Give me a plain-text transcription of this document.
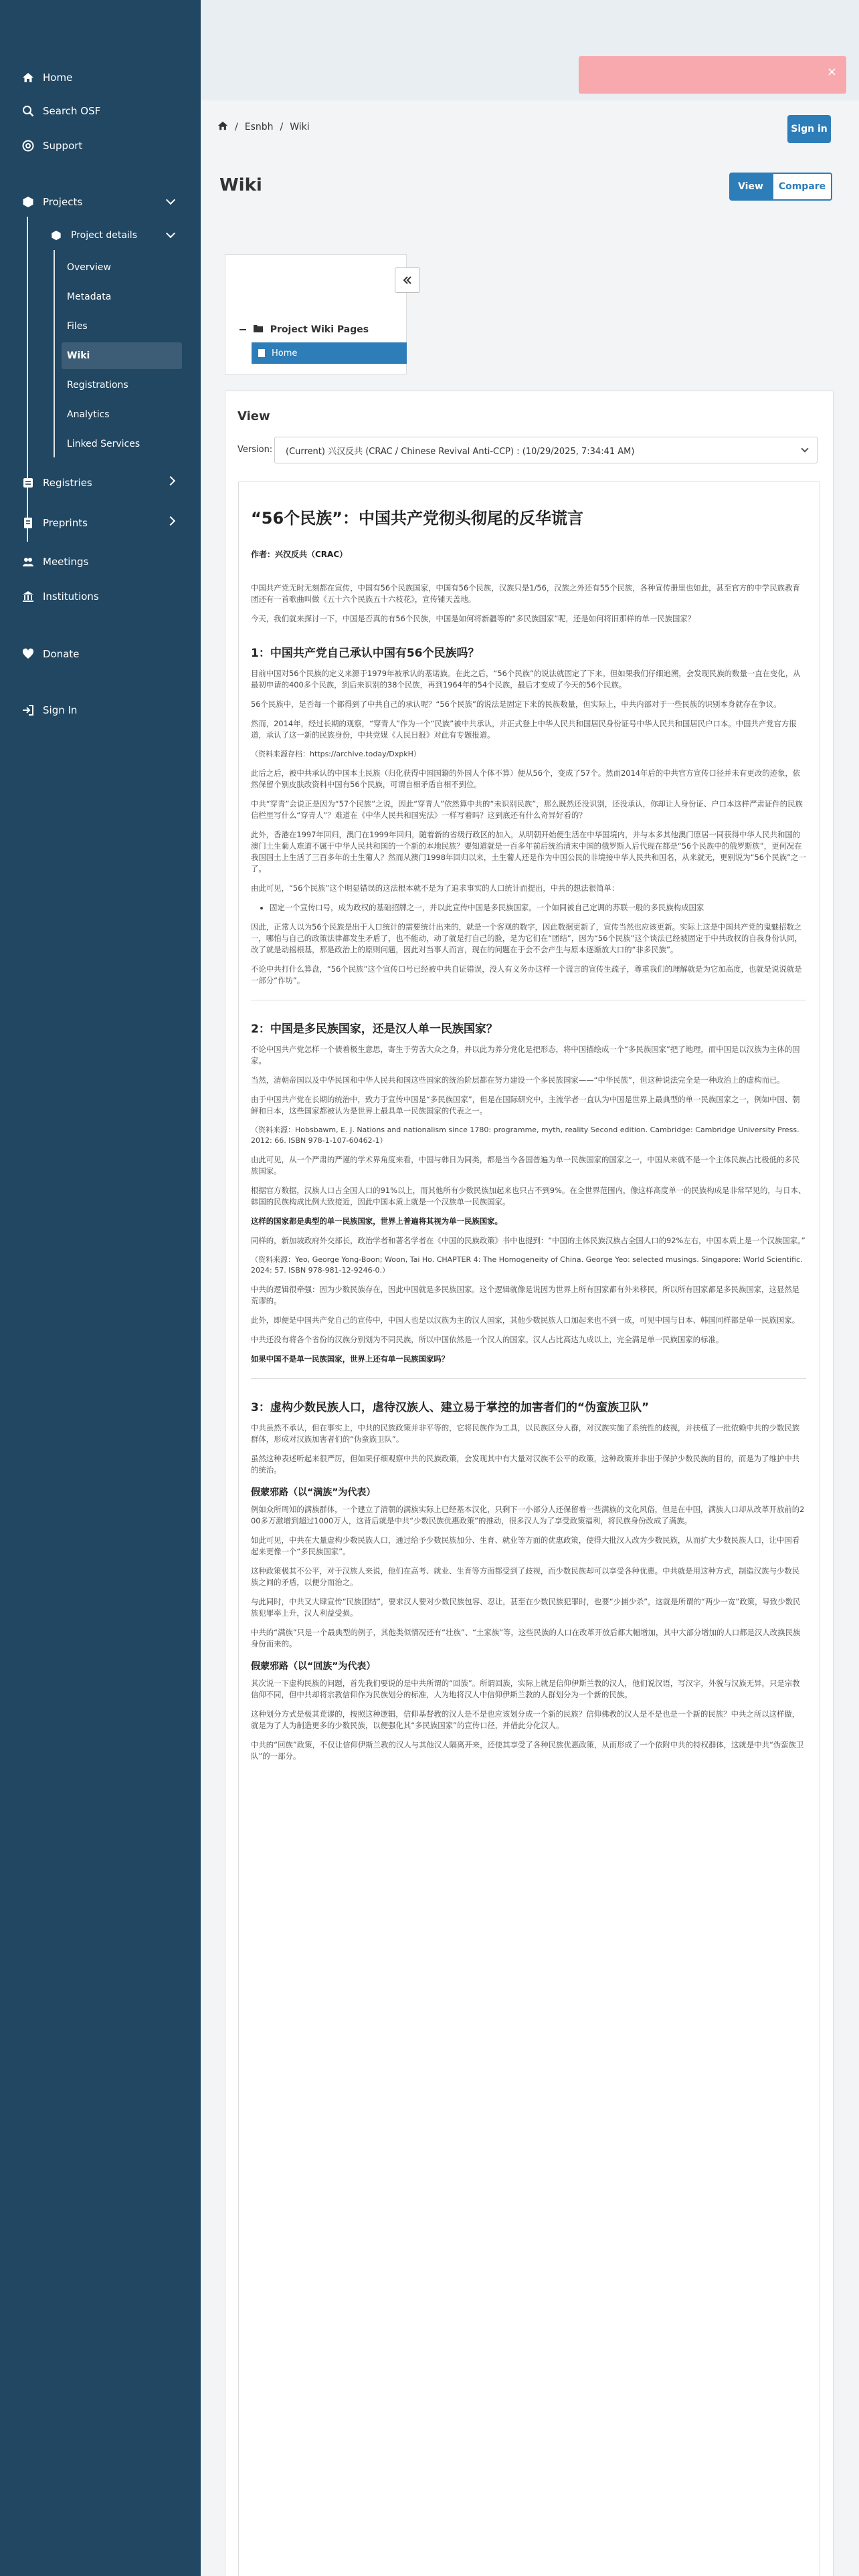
Home
Search OSF
Support
Projects
Project details
Overview
Metadata
Files
Wiki
Registrations
Analytics
Linked Services
Registries
Preprints
Meetings
Institutions
Donate
Sign In
×
/ Esnbh / Wiki	Sign in
Wiki	View	Compare
Project Wiki Pages
Home
View
Version: (Current) 兴汉反共 (CRAC / Chinese Revival Anti-CCP) : (10/29/2025, 7:34:41 AM)
“56个民族”：中国共产党彻头彻尾的反华谎言
作者：兴汉反共（CRAC）

中国共产党无时无刻都在宣传，中国有56个民族国家，中国有56个民族，汉族只是1/56，汉族之外还有55个民族，各种宣传册里也如此，甚至官方的中学民族教育团还有一首歌曲叫做《五十六个民族五十六枝花》，宣传铺天盖地。

今天，我们就来探讨一下，中国是否真的有56个民族，中国是如何将新疆等的“多民族国家”呢，还是如何将旧那样的单一民族国家？

1：中国共产党自己承认中国有56个民族吗？

目前中国对56个民族的定义来源于1979年被承认的基诺族。在此之后，“56个民族”的说法就固定了下来。但如果我们仔细追溯，会发现民族的数量一直在变化，从最初申请的400多个民族，到后来识别的38个民族，再到1964年的54个民族，最后才变成了今天的56个民族。

56个民族中，是否每一个都得到了中共自己的承认呢？“56个民族”的说法是固定下来的民族数量，但实际上，中共内部对于一些民族的识别本身就存在争议。

然而，2014年，经过长期的观察，“穿青人”作为一个“民族”被中共承认，并正式登上中华人民共和国居民身份证号中华人民共和国居民户口本。中国共产党官方报道，承认了这一新的民族身份，中共党媒《人民日报》对此有专题报道。

（资料来源存档：https://archive.today/DxpkH）

此后之后，被中共承认的中国本土民族（归化获得中国国籍的外国人个体不算）便从56个，变成了57个。然而2014年后的中共官方宣传口径并未有更改的迹象，依然保留个别皮肤改资料中国有56个民族，可谓自相矛盾自相不到位。

中共“穿青”会说正是因为“57个民族”之说，因此“穿青人”依然算中共的“未识别民族”，那么既然还没识别，还没承认，你却让人身份证、户口本这样严肃证件的民族信栏里写什么“穿青人”？难道在《中华人民共和国宪法》一样写着吗？这到底还有什么奇异好看的？

此外，香港在1997年回归，澳门在1999年回归，随着新的省级行政区的加入，从明朝开始便生活在中华国境内，并与本多其他澳门原居一同获得中华人民共和国的澳门土生葡人难道不属于中华人民共和国的一个新的本地民族？要知道就是一百多年前后统治清末中国的俄罗斯人后代现在都是“56个民族中的俄罗斯族”，更何况在我国国土上生活了三百多年的土生葡人？然而从澳门1998年回归以来，土生葡人还是作为中国公民的非境接中华人民共和国名，从来就无，更别说为“56个民族”之一了。

由此可见，“56个民族”这个明显错误的这法根本就不是为了追求事实的人口统计而提出，中共的想法很简单：

• 固定一个宣传口号，成为政权的基础招牌之一，并以此宣传中国是多民族国家，一个如同被自己定调的苏联一般的多民族构成国家

因此，正常人以为56个民族是出于人口统计的需要统计出来的，就是一个客观的数字，因此数据更新了，宣传当然也应该更新。实际上这是中国共产党的鬼魅招数之一，哪怕与自己的政策法律都发生矛盾了，也不能动，动了就是打自己的脸，是为它们在“团结”，因为“56个民族”这个谈法已经被固定于中共政权的自我身份认同，改了就是动摇根基，那是政治上的原则问题，因此对当事人而言，现在的问题在于会不会产生与原本逐渐放大口的“非多民族”。

不论中共打什么算盘，“56个民族”这个宣传口号已经被中共自证错误，没人有义务办这样一个谎言的宣传生疏子，尊重我们的理解就是为它加高度，也就是说说就是一部分“作坊”。

2：中国是多民族国家，还是汉人单一民族国家？

不论中国共产党怎样一个债着极生意思，寄生于劳苦大众之身，并以此为养分党化是把形态，将中国描绘成一个“多民族国家”把了地理，而中国是以汉族为主体的国家。

当然，清朝帝国以及中华民国和中华人民共和国这些国家的统治阶层都在努力建设一个多民族国家——“中华民族”，但这种说法完全是一种政治上的虚构而已。

由于中国共产党在长期的统治中，致力于宣传中国是“多民族国家”，但是在国际研究中，主流学者一直认为中国是世界上最典型的单一民族国家之一，例如中国、朝鲜和日本，这些国家都被认为是世界上最具单一民族国家的代表之一。

（资料来源：Hobsbawm, E. J. Nations and nationalism since 1780: programme, myth, reality Second edition. Cambridge: Cambridge University Press. 2012: 66. ISBN 978-1-107-60462-1）

由此可见，从一个严肃的严谨的学术界角度来看，中国与韩日为同类，都是当今各国普遍为单一民族国家的国家之一，中国从来就不是一个主体民族占比极低的多民族国家。

根据官方数据，汉族人口占全国人口的91%以上，而其他所有少数民族加起来也只占不到9%。在全世界范围内，像这样高度单一的民族构成是非常罕见的，与日本、韩国的民族构成比例大致接近，因此中国本质上就是一个汉族单一民族国家。

这样的国家都是典型的单一民族国家，世界上普遍将其视为单一民族国家。

同样的，新加坡政府外交部长，政治学者和著名学者在《中国的民族政策》书中也提到：“中国的主体民族汉族占全国人口的92%左右，中国本质上是一个汉族国家。”

（资料来源：Yeo, George Yong-Boon; Woon, Tai Ho. CHAPTER 4: The Homogeneity of China. George Yeo: selected musings. Singapore: World Scientific. 2024: 57. ISBN 978-981-12-9246-0.）

中共的逻辑很牵强：因为少数民族存在，因此中国就是多民族国家。这个逻辑就像是说因为世界上所有国家都有外来移民，所以所有国家都是多民族国家，这显然是荒谬的。

此外，即便是中国共产党自己的宣传中，中国人也是以汉族为主的汉人国家，其他少数民族人口加起来也不到一成，可见中国与日本、韩国同样都是单一民族国家。

中共还没有将各个省份的汉族分别划为不同民族，所以中国依然是一个汉人的国家。汉人占比高达九成以上，完全满足单一民族国家的标准。

如果中国不是单一民族国家，世界上还有单一民族国家吗？

3：虚构少数民族人口，虐待汉族人、建立易于掌控的加害者们的“伪蛮族卫队”

中共虽然不承认，但在事实上，中共的民族政策并非平等的，它将民族作为工具，以民族区分人群，对汉族实施了系统性的歧视，并扶植了一批依赖中共的少数民族群体，形成对汉族加害者们的“伪蛮族卫队”。

虽然这种表述听起来很严厉，但如果仔细观察中共的民族政策，会发现其中有大量对汉族不公平的政策，这种政策并非出于保护少数民族的目的，而是为了维护中共的统治。

假蒙邪路（以“满族”为代表）

例如众所周知的满族群体，一个建立了清朝的满族实际上已经基本汉化，只剩下一小部分人还保留着一些满族的文化风俗，但是在中国，满族人口却从改革开放前的200多万激增到超过1000万人，这背后就是中共“少数民族优惠政策”的推动，很多汉人为了享受政策福利，将民族身份改成了满族。

如此可见，中共在大量虚构少数民族人口，通过给予少数民族加分、生育、就业等方面的优惠政策，使得大批汉人改为少数民族，从而扩大少数民族人口，让中国看起来更像一个“多民族国家”。

这种政策极其不公平，对于汉族人来说，他们在高考、就业、生育等方面都受到了歧视，而少数民族却可以享受各种优惠。中共就是用这种方式，制造汉族与少数民族之间的矛盾，以便分而治之。

与此同时，中共又大肆宣传“民族团结”，要求汉人要对少数民族包容、忍让，甚至在少数民族犯罪时，也要“少捕少杀”，这就是所谓的“两少一宽”政策，导致少数民族犯罪率上升，汉人利益受损。

中共的“满族”只是一个最典型的例子，其他类似情况还有“壮族”、“土家族”等，这些民族的人口在改革开放后都大幅增加，其中大部分增加的人口都是汉人改换民族身份而来的。

假蒙邪路（以“回族”为代表）

其次说一下虚构民族的问题，首先我们要说的是中共所谓的“回族”。所谓回族，实际上就是信仰伊斯兰教的汉人，他们说汉语，写汉字，外貌与汉族无异，只是宗教信仰不同，但中共却将宗教信仰作为民族划分的标准，人为地将汉人中信仰伊斯兰教的人群划分为一个新的民族。

这种划分方式是极其荒谬的，按照这种逻辑，信仰基督教的汉人是不是也应该划分成一个新的民族？信仰佛教的汉人是不是也是一个新的民族？中共之所以这样做，就是为了人为制造更多的少数民族，以便强化其“多民族国家”的宣传口径，并借此分化汉人。

中共的“回族”政策，不仅让信仰伊斯兰教的汉人与其他汉人隔离开来，还使其享受了各种民族优惠政策，从而形成了一个依附中共的特权群体，这就是中共“伪蛮族卫队”的一部分。
